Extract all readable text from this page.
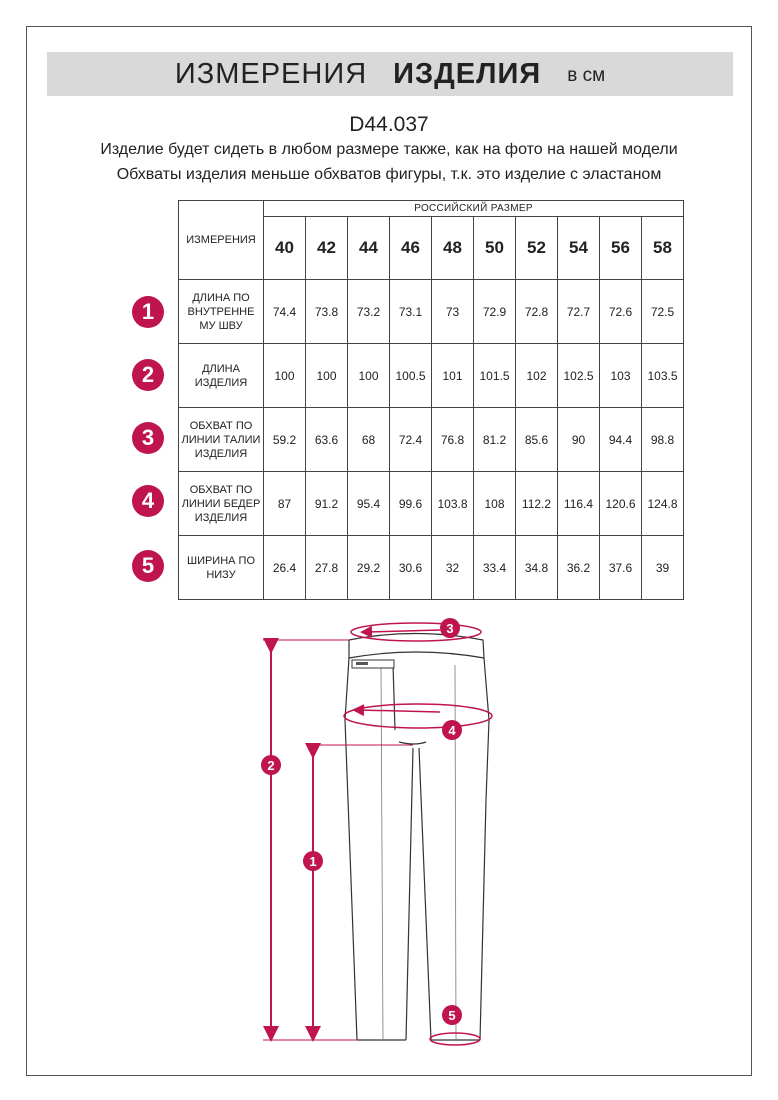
ИЗМЕРЕНИЯ ИЗДЕЛИЯ в см
D44.037
Изделие будет сидеть в любом размере также, как на фото на нашей модели
Обхваты изделия меньше обхватов фигуры, т.к. это изделие с эластаном
ИЗМЕРЕНИЯ	РОССИЙСКИЙ РАЗМЕР									
	40	42	44	46	48	50	52	54	56	58
ДЛИНА ПО ВНУТРЕННЕ МУ ШВУ	74.4	73.8	73.2	73.1	73	72.9	72.8	72.7	72.6	72.5
ДЛИНА ИЗДЕЛИЯ	100	100	100	100.5	101	101.5	102	102.5	103	103.5
ОБХВАТ ПО ЛИНИИ ТАЛИИ ИЗДЕЛИЯ	59.2	63.6	68	72.4	76.8	81.2	85.6	90	94.4	98.8
ОБХВАТ ПО ЛИНИИ БЕДЕР ИЗДЕЛИЯ	87	91.2	95.4	99.6	103.8	108	112.2	116.4	120.6	124.8
ШИРИНА ПО НИЗУ	26.4	27.8	29.2	30.6	32	33.4	34.8	36.2	37.6	39
1
2
3
4
5
1
2
3
4
5
